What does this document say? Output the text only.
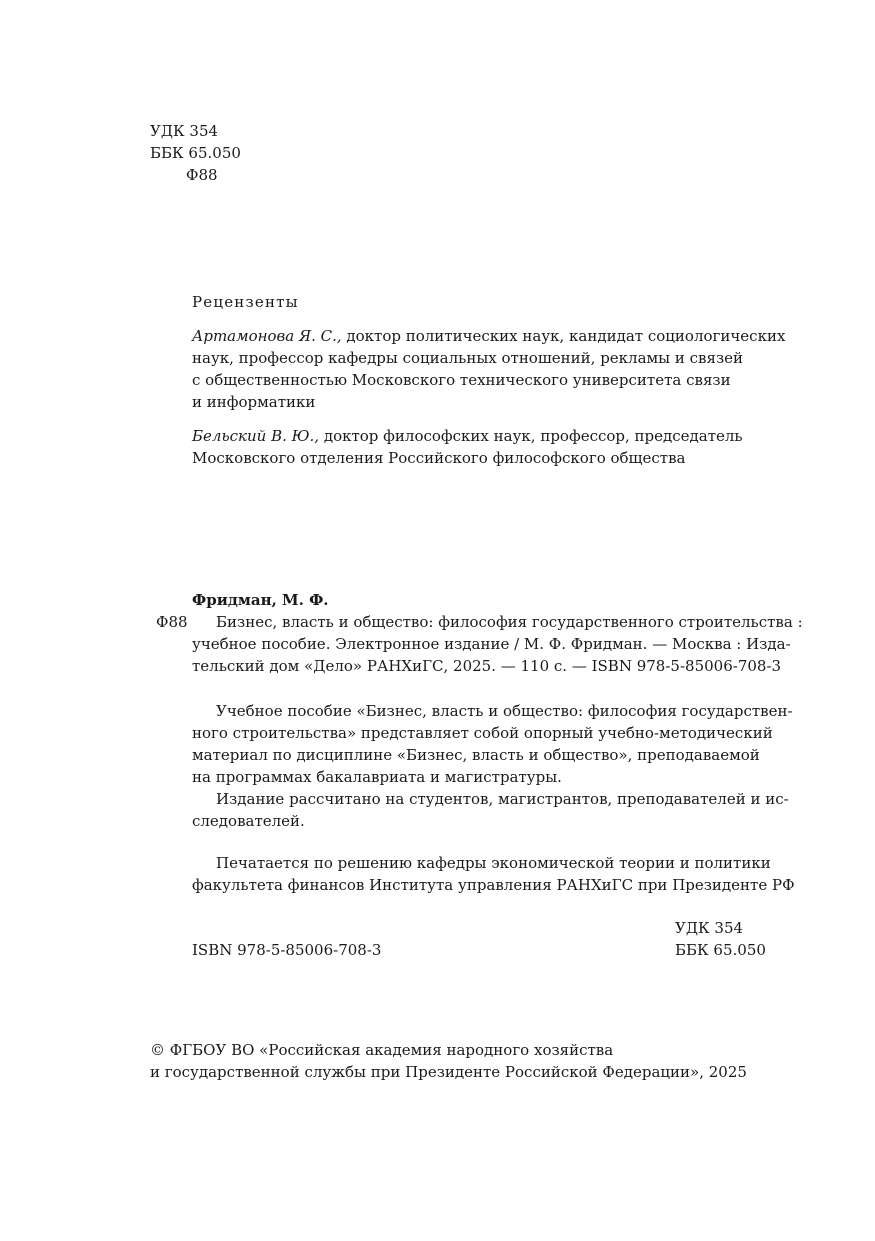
УДК 354
ББК 65.050
Ф88
Рецензенты
Артамонова Я. С., доктор политических наук, кандидат социологических
наук, профессор кафедры социальных отношений, рекламы и связей
с общественностью Московского технического университета связи
и информатики
Бельский В. Ю., доктор философских наук, профессор, председатель
Московского отделения Российского философского общества
Фридман, М. Ф.
Ф88 Бизнес, власть и общество: философия государственного строительства :
учебное пособие. Электронное издание / М. Ф. Фридман. — Москва : Изда-
тельский дом «Дело» РАНХиГС, 2025. — 110 с. — ISBN 978-5-85006-708-3
Учебное пособие «Бизнес, власть и общество: философия государствен-
ного строительства» представляет собой опорный учебно-методический
материал по дисциплине «Бизнес, власть и общество», преподаваемой
на программах бакалавриата и магистратуры.
Издание рассчитано на студентов, магистрантов, преподавателей и ис-
следователей.
Печатается по решению кафедры экономической теории и политики
факультета финансов Института управления РАНХиГС при Президенте РФ
УДК 354
ISBN 978-5-85006-708-3	ББК 65.050
© ФГБОУ ВО «Российская академия народного хозяйства
и государственной службы при Президенте Российской Федерации», 2025
